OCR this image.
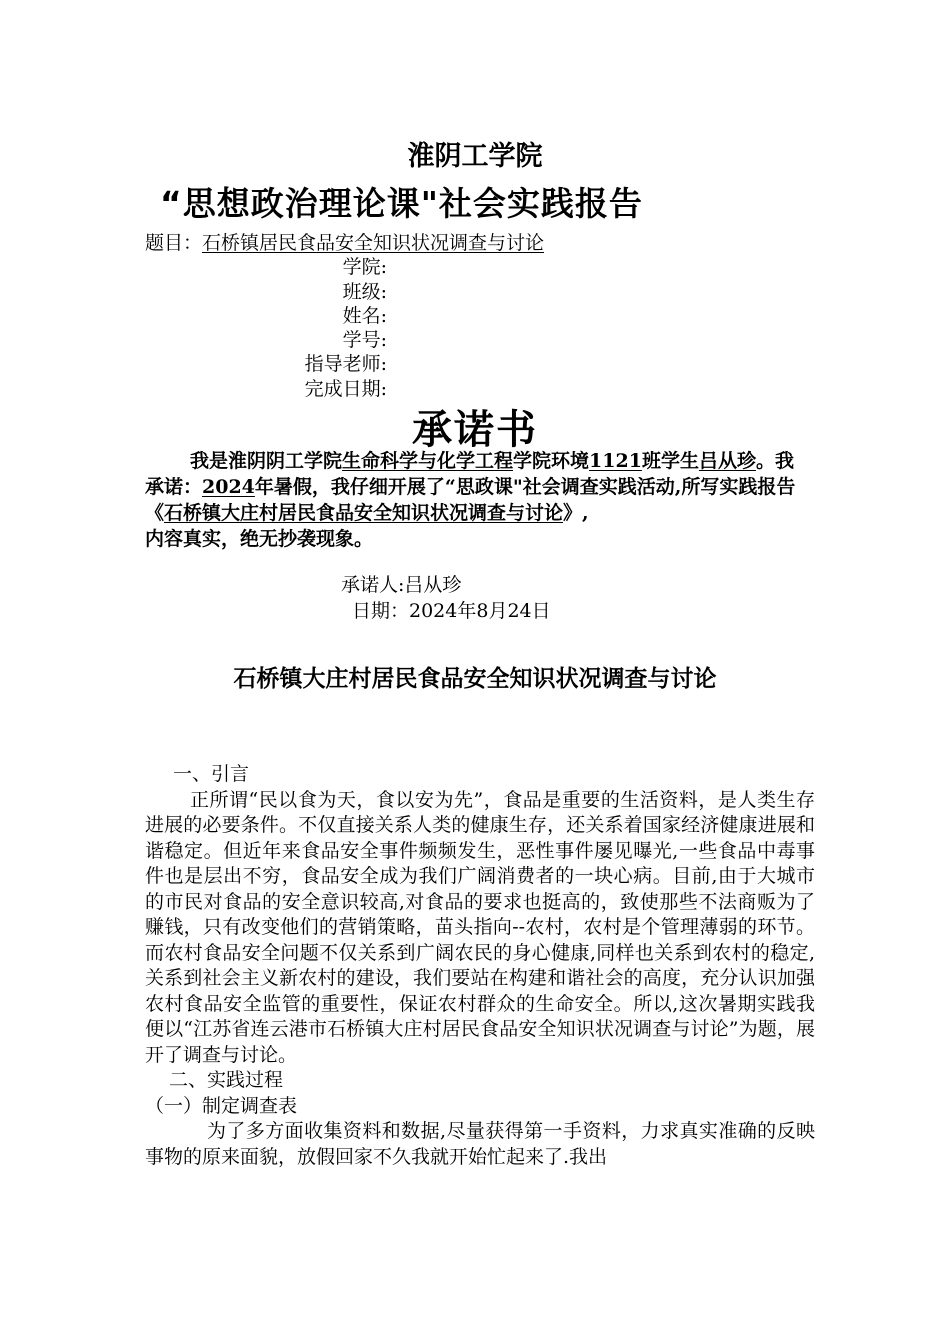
淮阴工学院
“思想政治理论课"社会实践报告
题目：石桥镇居民食品安全知识状况调查与讨论
学院:
班级:
姓名:
学号:
指导老师:
完成日期:
承诺书

我是淮阴阴工学院生命科学与化学工程学院环境1121班学生吕从珍。我承诺：2024年暑假，我仔细开展了“思政课"社会调查实践活动,所写实践报告《石桥镇大庄村居民食品安全知识状况调查与讨论》,

内容真实，绝无抄袭现象。

承诺人:吕从珍
日期：2024年8月24日
石桥镇大庄村居民食品安全知识状况调查与讨论

一、引言

正所谓“民以食为天，食以安为先”，食品是重要的生活资料，是人类生存进展的必要条件。不仅直接关系人类的健康生存，还关系着国家经济健康进展和谐稳定。但近年来食品安全事件频频发生，恶性事件屡见曝光,一些食品中毒事件也是层出不穷，食品安全成为我们广阔消费者的一块心病。目前,由于大城市的市民对食品的安全意识较高,对食品的要求也挺高的，致使那些不法商贩为了赚钱，只有改变他们的营销策略，苗头指向--农村，农村是个管理薄弱的环节。而农村食品安全问题不仅关系到广阔农民的身心健康,同样也关系到农村的稳定,关系到社会主义新农村的建设，我们要站在构建和谐社会的高度，充分认识加强农村食品安全监管的重要性，保证农村群众的生命安全。所以,这次暑期实践我便以“江苏省连云港市石桥镇大庄村居民食品安全知识状况调查与讨论”为题，展开了调查与讨论。

二、实践过程

（一）制定调查表

为了多方面收集资料和数据,尽量获得第一手资料，力求真实准确的反映事物的原来面貌，放假回家不久我就开始忙起来了.我出
